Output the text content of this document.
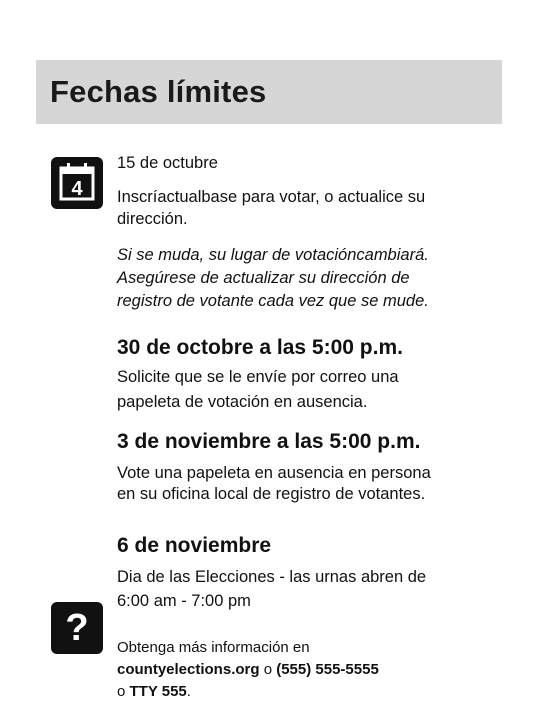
Fechas límites
4
15 de octubre
Inscríactualbase para votar, o actualice su
dirección.
Si se muda, su lugar de votacióncambiará.
Asegúrese de actualizar su dirección de
registro de votante cada vez que se mude.
30 de octobre a las 5:00 p.m.
Solicite que se le envíe por correo una
papeleta de votación en ausencia.
3 de noviembre a las 5:00 p.m.
Vote una papeleta en ausencia en persona
en su oficina local de registro de votantes.
6 de noviembre
Dia de las Elecciones - las urnas abren de
6:00 am - 7:00 pm
?	Obtenga más información en
countyelections.org o (555) 555-5555
o TTY 555.
